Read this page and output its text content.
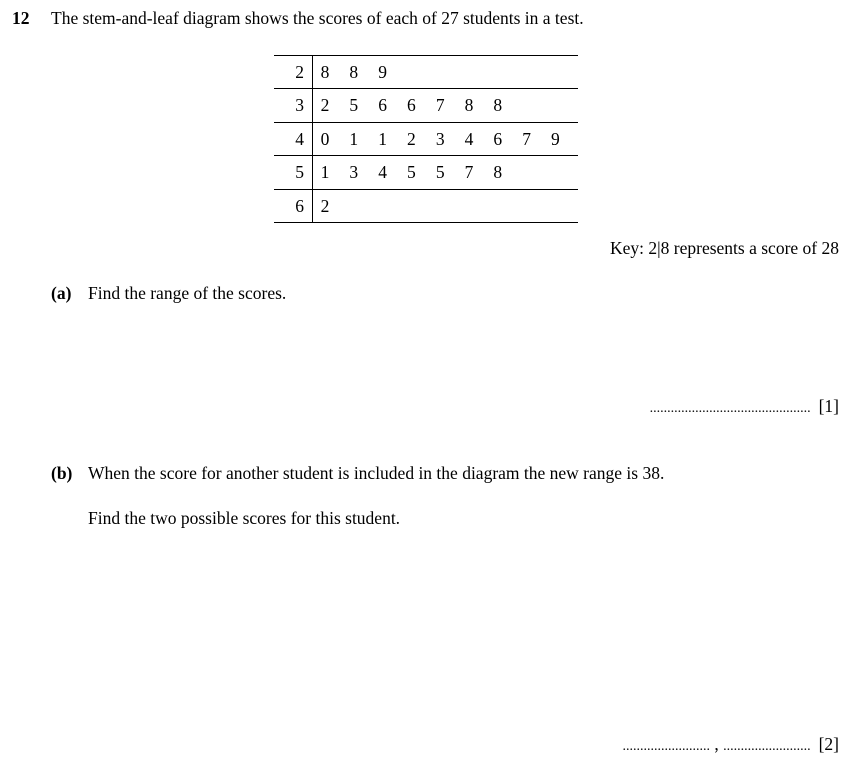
12 The stem-and-leaf diagram shows the scores of each of 27 students in a test.
2 8 8 9
3 2 5 6 6 7 8 8
4 0 1 1 2 3 4 6 7 9
5 1 3 4 5 5 7 8
6 2
Key: 2|8 represents a score of 28
(a) Find the range of the scores.
.............................................. [1]
(b) When the score for another student is included in the diagram the new range is 38.
Find the two possible scores for this student.
......................... , ......................... [2]
